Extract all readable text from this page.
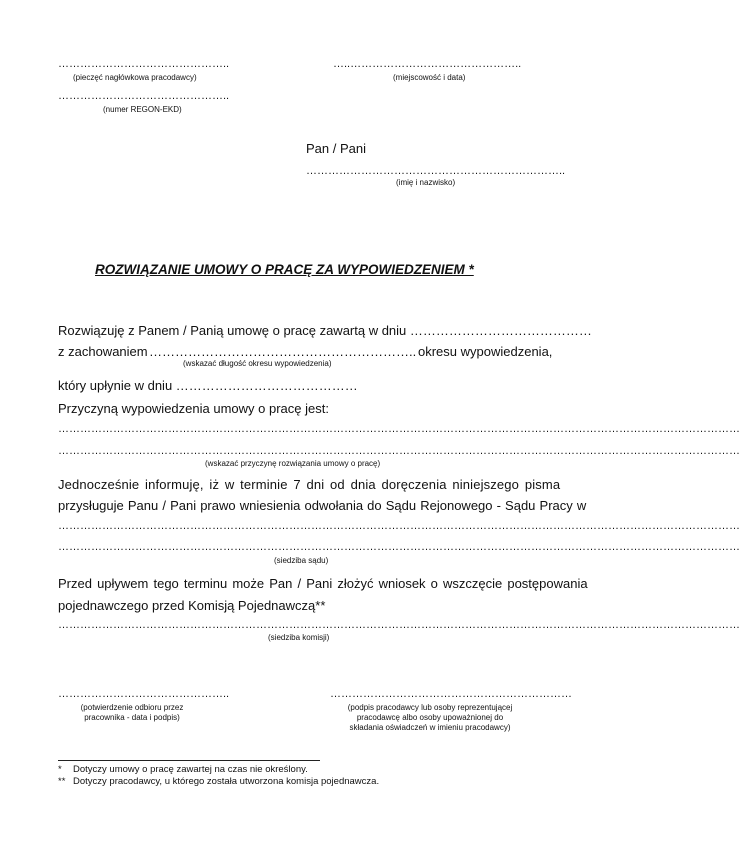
………………………………………..
(pieczęć nagłówkowa pracodawcy)
…..………………………………………..
(miejscowość i data)
………………………………………..
(numer REGON-EKD)
Pan / Pani
……………………………………………………………..
(imię i nazwisko)
ROZWIĄZANIE UMOWY O PRACĘ ZA WYPOWIEDZENIEM *
Rozwiązuję z Panem / Panią umowę o pracę zawartą w dniu ……………………………………
z zachowaniem …………………………………………………….. okresu wypowiedzenia,
(wskazać długość okresu wypowiedzenia)
który upłynie w dniu ……………………………………
Przyczyną wypowiedzenia umowy o pracę jest:
……………………………………………………………………………………………………………………………………………………………………
……………………………………………………………………………………………………………………………………………………………………
(wskazać przyczynę rozwiązania umowy o pracę)
Jednocześnie informuję, iż w terminie 7 dni od dnia doręczenia niniejszego pisma
przysługuje Panu / Pani prawo wniesienia odwołania do Sądu Rejonowego - Sądu Pracy w
……………………………………………………………………………………………………………………………………………………………………
……………………………………………………………………………………………………………………………………………………………………
(siedziba sądu)
Przed upływem tego terminu może Pan / Pani złożyć wniosek o wszczęcie postępowania
pojednawczego przed Komisją Pojednawczą**
……………………………………………………………………………………………………………………………………………………………………
(siedziba komisji)
………………………………………..
(potwierdzenie odbioru przez
pracownika - data i podpis)
…………………………………………………………
(podpis pracodawcy lub osoby reprezentującej
pracodawcę albo osoby upoważnionej do
składania oświadczeń w imieniu pracodawcy)
* Dotyczy umowy o pracę zawartej na czas nie określony.
** Dotyczy pracodawcy, u którego została utworzona komisja pojednawcza.
